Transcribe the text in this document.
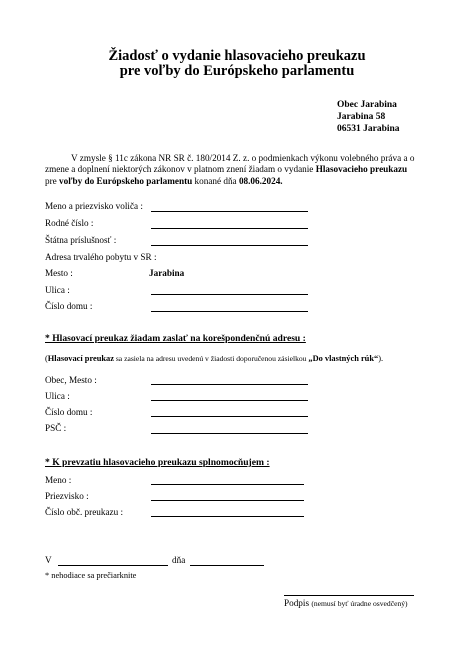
Žiadosť o vydanie hlasovacieho preukazu
pre voľby do Európskeho parlamentu
Obec Jarabina
Jarabina 58
06531 Jarabina
V zmysle § 11c zákona NR SR č. 180/2014 Z. z. o podmienkach výkonu volebného práva a o
zmene a doplnení niektorých zákonov v platnom znení žiadam o vydanie Hlasovacieho preukazu
pre voľby do Európskeho parlamentu konané dňa 08.06.2024.
Meno a priezvisko voliča :
Rodné číslo :
Štátna príslušnosť :
Adresa trvalého pobytu v SR :
Mesto :	Jarabina
Ulica :
Číslo domu :
* Hlasovací preukaz žiadam zaslať na korešpondenčnú adresu :
(Hlasovací preukaz sa zasiela na adresu uvedenú v žiadosti doporučenou zásielkou „Do vlastných rúk“).
Obec, Mesto :
Ulica :
Číslo domu :
PSČ :
* K prevzatiu hlasovacieho preukazu splnomocňujem :
Meno :
Priezvisko :
Číslo obč. preukazu :
V	dňa
* nehodiace sa prečiarknite
Podpis (nemusí byť úradne osvedčený)
